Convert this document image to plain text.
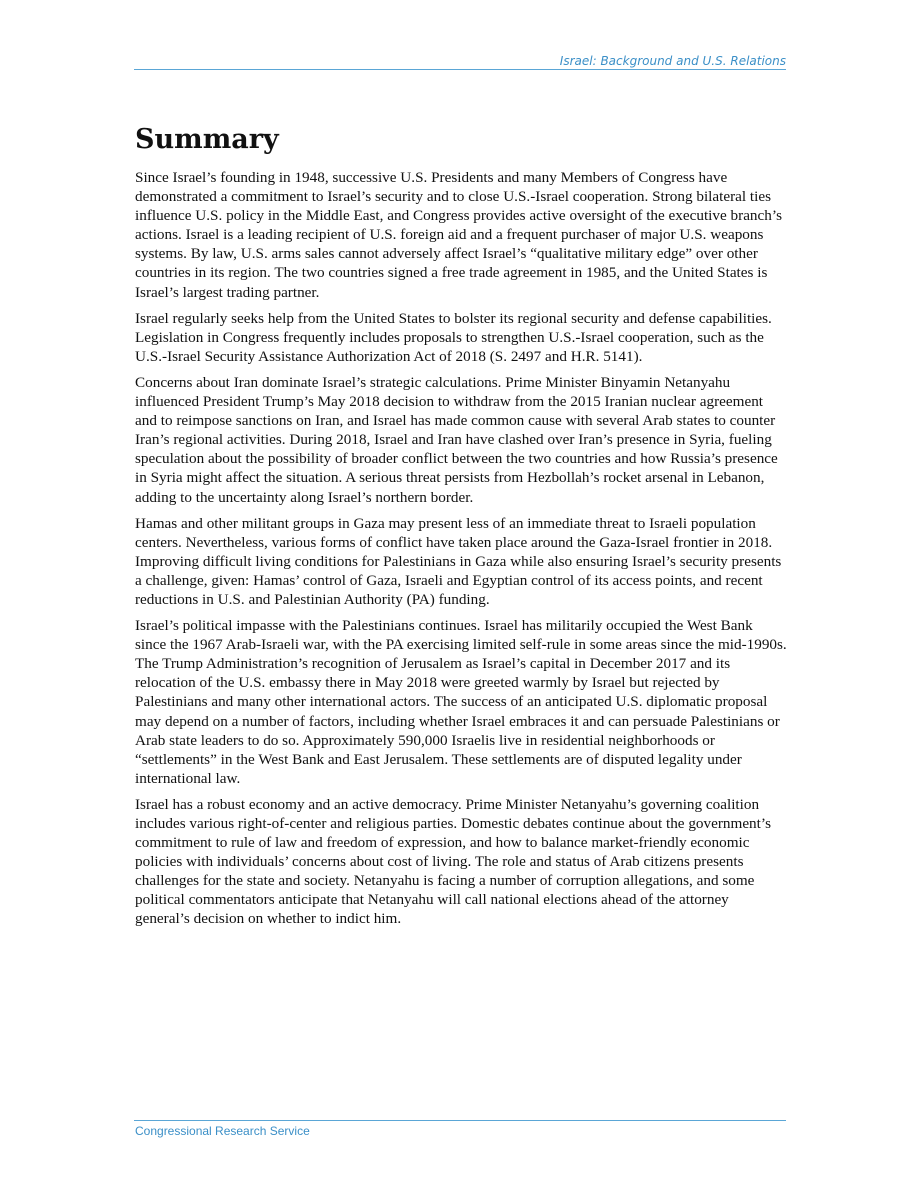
Israel: Background and U.S. Relations
Summary

Since Israel’s founding in 1948, successive U.S. Presidents and many Members of Congress have demonstrated a commitment to Israel’s security and to close U.S.-Israel cooperation. Strong bilateral ties influence U.S. policy in the Middle East, and Congress provides active oversight of the executive branch’s actions. Israel is a leading recipient of U.S. foreign aid and a frequent purchaser of major U.S. weapons systems. By law, U.S. arms sales cannot adversely affect Israel’s “qualitative military edge” over other countries in its region. The two countries signed a free trade agreement in 1985, and the United States is Israel’s largest trading partner.

Israel regularly seeks help from the United States to bolster its regional security and defense capabilities. Legislation in Congress frequently includes proposals to strengthen U.S.-Israel cooperation, such as the U.S.-Israel Security Assistance Authorization Act of 2018 (S. 2497 and H.R. 5141).

Concerns about Iran dominate Israel’s strategic calculations. Prime Minister Binyamin Netanyahu influenced President Trump’s May 2018 decision to withdraw from the 2015 Iranian nuclear agreement and to reimpose sanctions on Iran, and Israel has made common cause with several Arab states to counter Iran’s regional activities. During 2018, Israel and Iran have clashed over Iran’s presence in Syria, fueling speculation about the possibility of broader conflict between the two countries and how Russia’s presence in Syria might affect the situation. A serious threat persists from Hezbollah’s rocket arsenal in Lebanon, adding to the uncertainty along Israel’s northern border.

Hamas and other militant groups in Gaza may present less of an immediate threat to Israeli population centers. Nevertheless, various forms of conflict have taken place around the Gaza-Israel frontier in 2018. Improving difficult living conditions for Palestinians in Gaza while also ensuring Israel’s security presents a challenge, given: Hamas’ control of Gaza, Israeli and Egyptian control of its access points, and recent reductions in U.S. and Palestinian Authority (PA) funding.

Israel’s political impasse with the Palestinians continues. Israel has militarily occupied the West Bank since the 1967 Arab-Israeli war, with the PA exercising limited self-rule in some areas since the mid-1990s. The Trump Administration’s recognition of Jerusalem as Israel’s capital in December 2017 and its relocation of the U.S. embassy there in May 2018 were greeted warmly by Israel but rejected by Palestinians and many other international actors. The success of an anticipated U.S. diplomatic proposal may depend on a number of factors, including whether Israel embraces it and can persuade Palestinians or Arab state leaders to do so. Approximately 590,000 Israelis live in residential neighborhoods or “settlements” in the West Bank and East Jerusalem. These settlements are of disputed legality under international law.

Israel has a robust economy and an active democracy. Prime Minister Netanyahu’s governing coalition includes various right-of-center and religious parties. Domestic debates continue about the government’s commitment to rule of law and freedom of expression, and how to balance market-friendly economic policies with individuals’ concerns about cost of living. The role and status of Arab citizens presents challenges for the state and society. Netanyahu is facing a number of corruption allegations, and some political commentators anticipate that Netanyahu will call national elections ahead of the attorney general’s decision on whether to indict him.

Congressional Research Service
